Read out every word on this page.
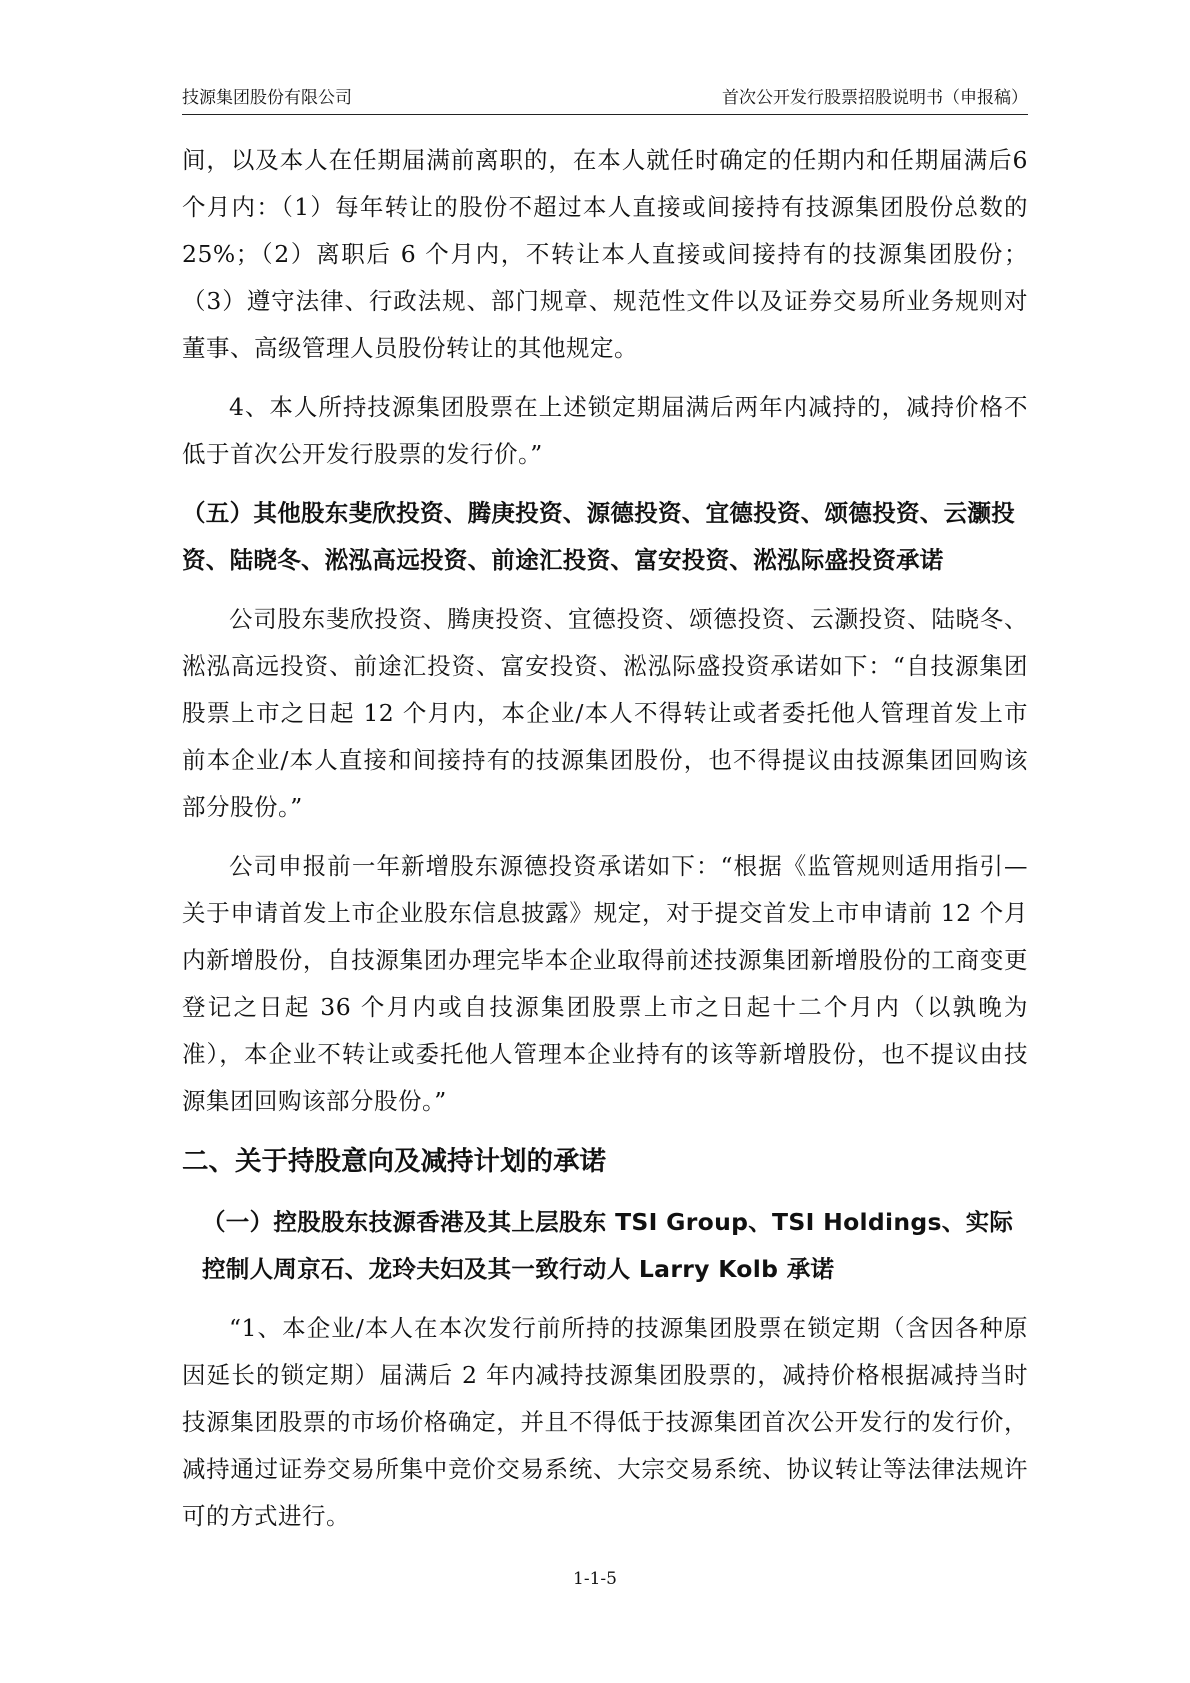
技源集团股份有限公司	首次公开发行股票招股说明书（申报稿）

间，以及本人在任期届满前离职的，在本人就任时确定的任期内和任期届满后6 个月内：（1）每年转让的股份不超过本人直接或间接持有技源集团股份总数的 25%；（2）离职后 6 个月内，不转让本人直接或间接持有的技源集团股份；（3）遵守法律、行政法规、部门规章、规范性文件以及证券交易所业务规则对董事、高级管理人员股份转让的其他规定。

4、本人所持技源集团股票在上述锁定期届满后两年内减持的，减持价格不低于首次公开发行股票的发行价。”

（五）其他股东斐欣投资、腾庚投资、源德投资、宜德投资、颂德投资、云灏投资、陆晓冬、淞泓高远投资、前途汇投资、富安投资、淞泓际盛投资承诺

公司股东斐欣投资、腾庚投资、宜德投资、颂德投资、云灏投资、陆晓冬、淞泓高远投资、前途汇投资、富安投资、淞泓际盛投资承诺如下：“自技源集团股票上市之日起 12 个月内，本企业/本人不得转让或者委托他人管理首发上市前本企业/本人直接和间接持有的技源集团股份，也不得提议由技源集团回购该部分股份。”

公司申报前一年新增股东源德投资承诺如下：“根据《监管规则适用指引—关于申请首发上市企业股东信息披露》规定，对于提交首发上市申请前 12 个月内新增股份，自技源集团办理完毕本企业取得前述技源集团新增股份的工商变更登记之日起 36 个月内或自技源集团股票上市之日起十二个月内（以孰晚为准），本企业不转让或委托他人管理本企业持有的该等新增股份，也不提议由技源集团回购该部分股份。”

二、关于持股意向及减持计划的承诺
（一）控股股东技源香港及其上层股东 TSI Group、TSI Holdings、实际控制人周京石、龙玲夫妇及其一致行动人 Larry Kolb 承诺

“1、本企业/本人在本次发行前所持的技源集团股票在锁定期（含因各种原因延长的锁定期）届满后 2 年内减持技源集团股票的，减持价格根据减持当时技源集团股票的市场价格确定，并且不得低于技源集团首次公开发行的发行价，减持通过证券交易所集中竞价交易系统、大宗交易系统、协议转让等法律法规许可的方式进行。

1-1-5
